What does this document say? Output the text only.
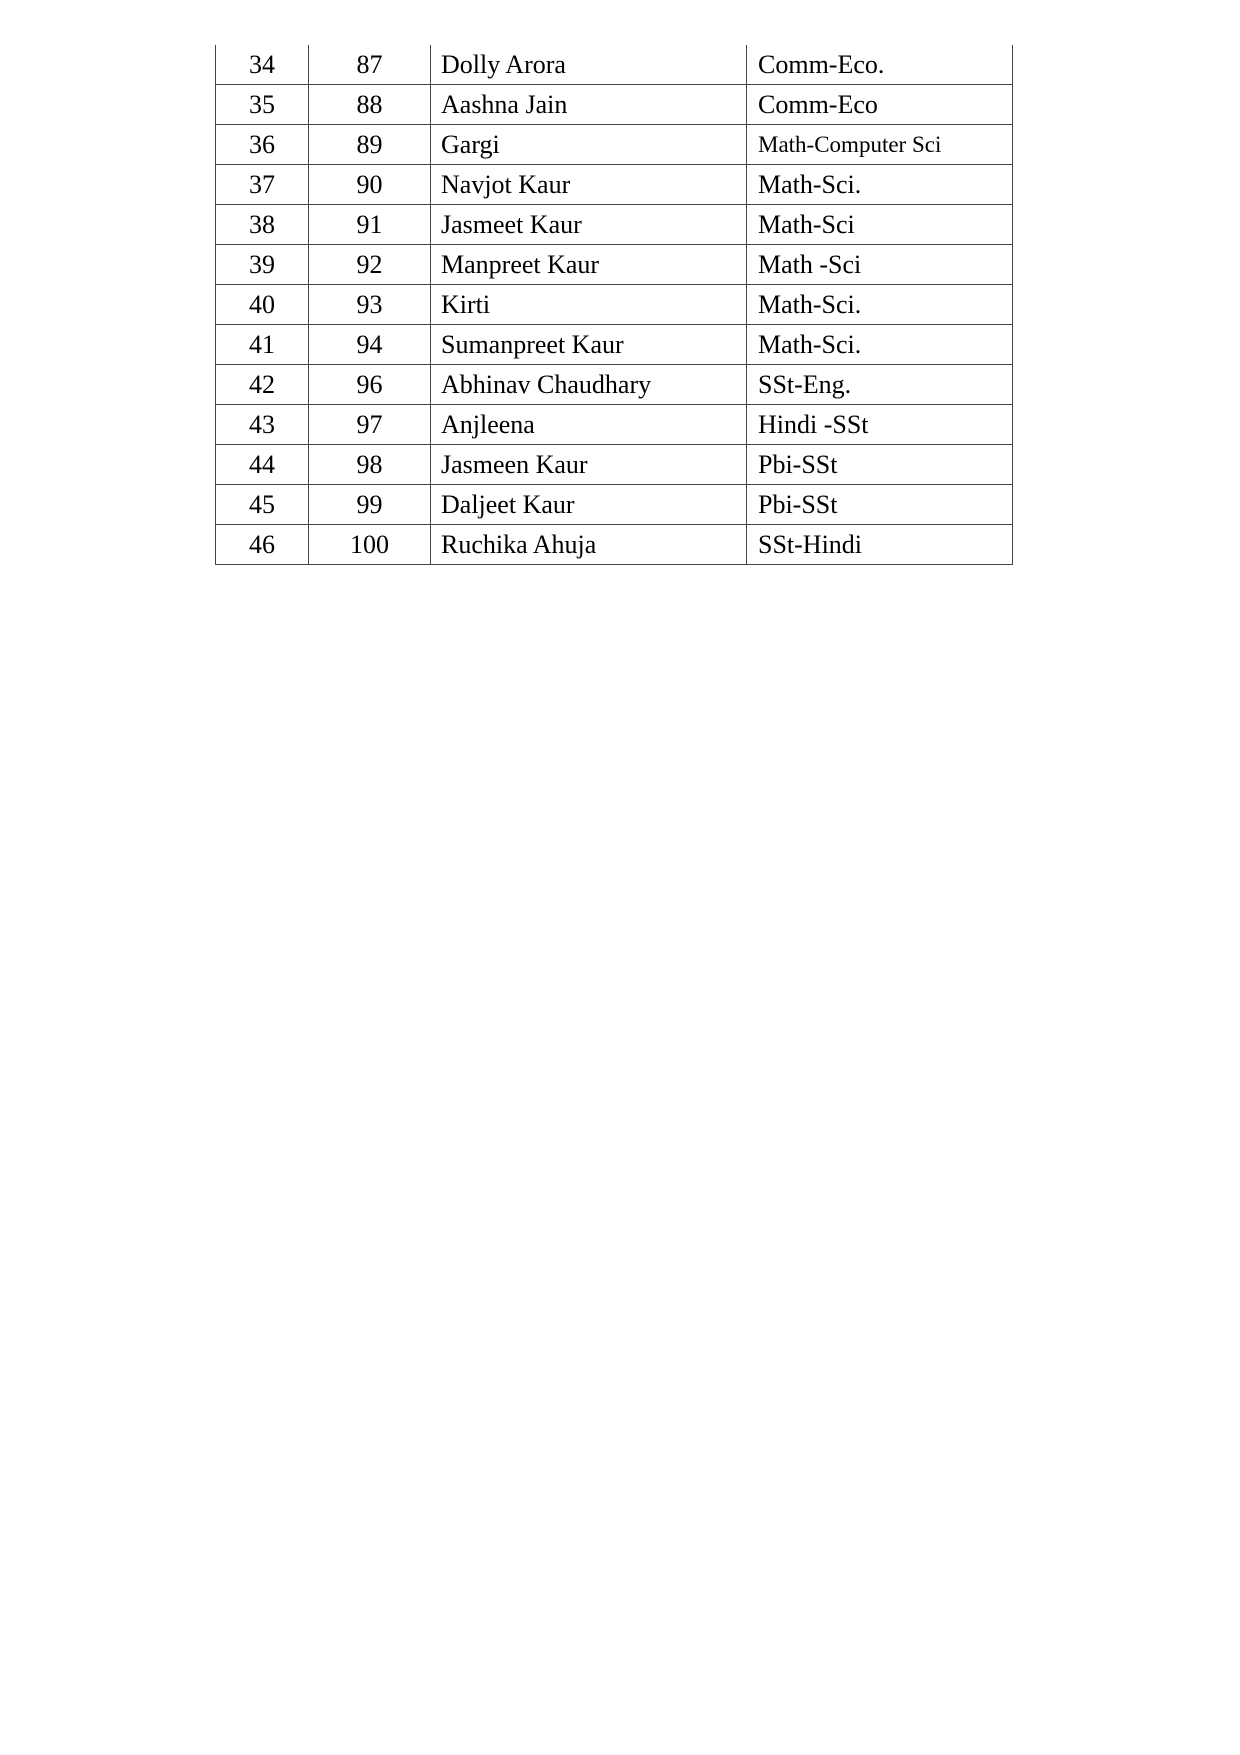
34	87	Dolly Arora	Comm-Eco.
35	88	Aashna Jain	Comm-Eco
36	89	Gargi	Math-Computer Sci
37	90	Navjot Kaur	Math-Sci.
38	91	Jasmeet Kaur	Math-Sci
39	92	Manpreet Kaur	Math -Sci
40	93	Kirti	Math-Sci.
41	94	Sumanpreet Kaur	Math-Sci.
42	96	Abhinav Chaudhary	SSt-Eng.
43	97	Anjleena	Hindi -SSt
44	98	Jasmeen Kaur	Pbi-SSt
45	99	Daljeet Kaur	Pbi-SSt
46	100	Ruchika Ahuja	SSt-Hindi
